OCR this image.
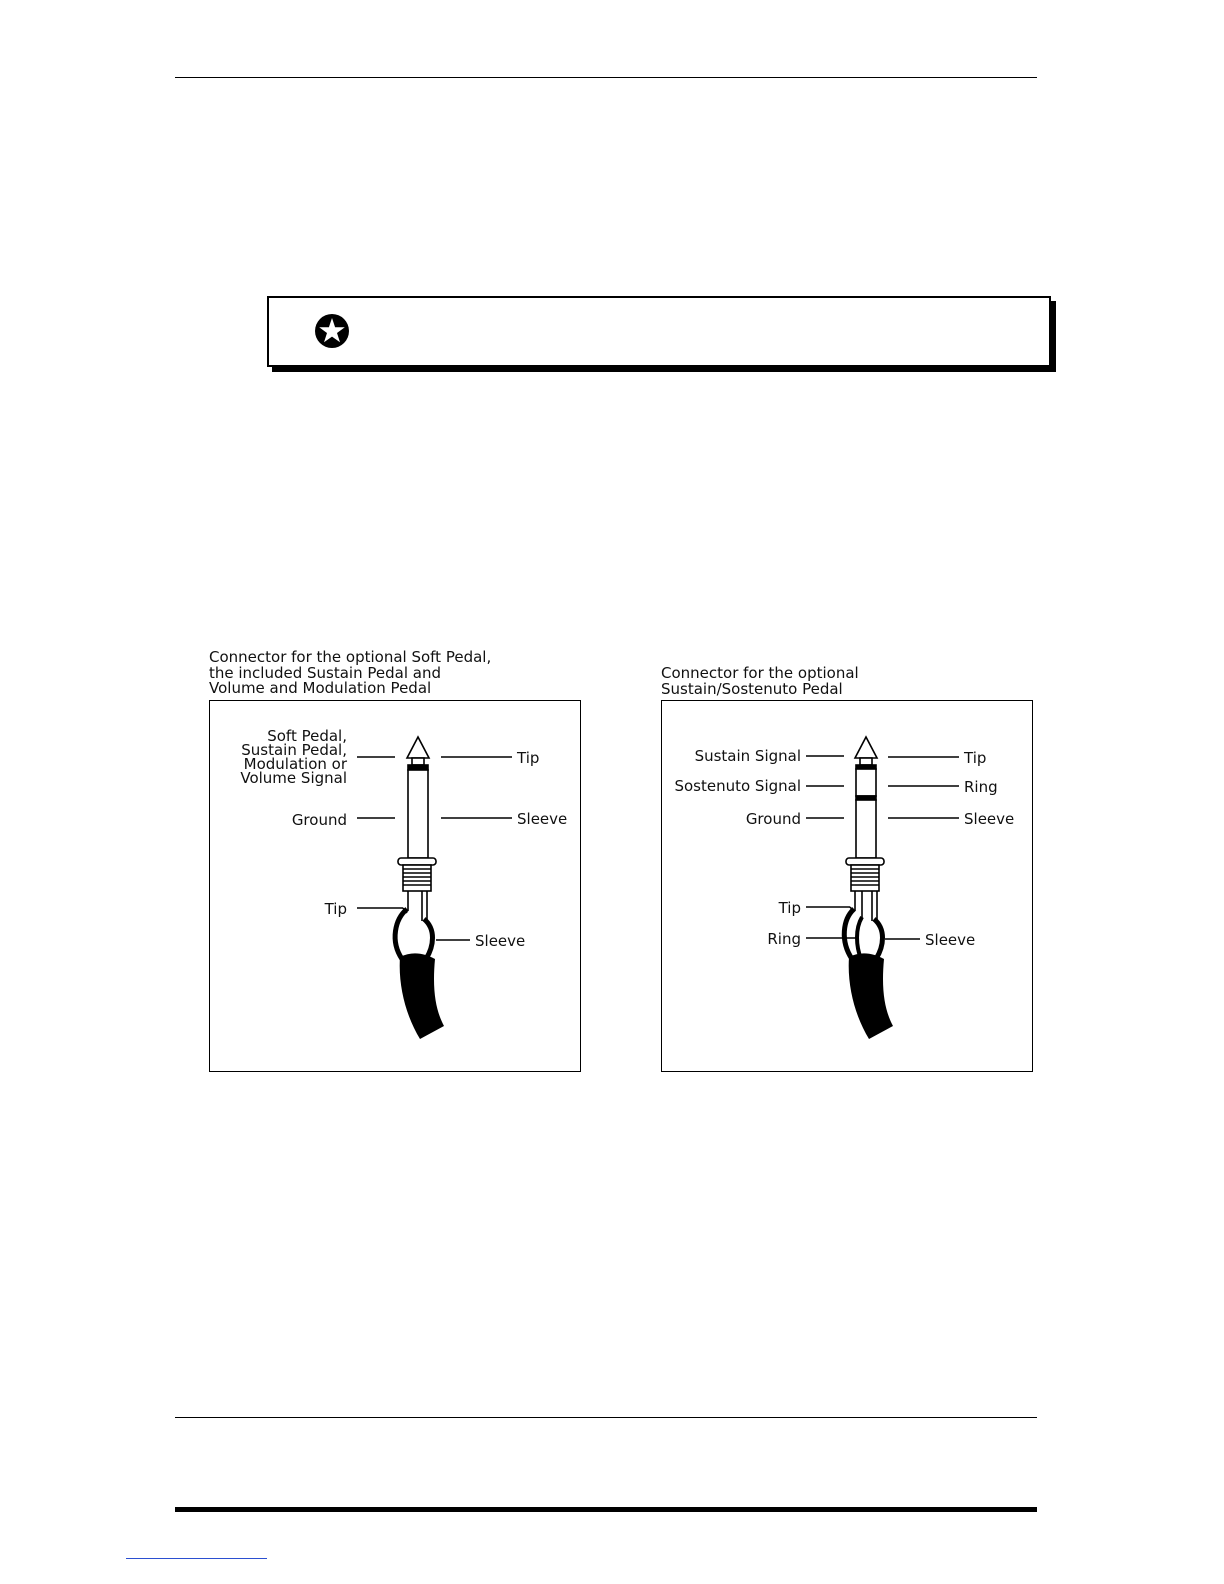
Connector for the optional Soft Pedal,
the included Sustain Pedal and
Volume and Modulation Pedal
Soft Pedal,
Sustain Pedal,
Modulation or
Volume Signal
Ground
Tip
Sleeve
Tip
Sleeve
Connector for the optional
Sustain/Sostenuto Pedal
Sustain Signal
Sostenuto Signal
Ground
Tip
Ring
Sleeve
Tip
Ring	Sleeve
